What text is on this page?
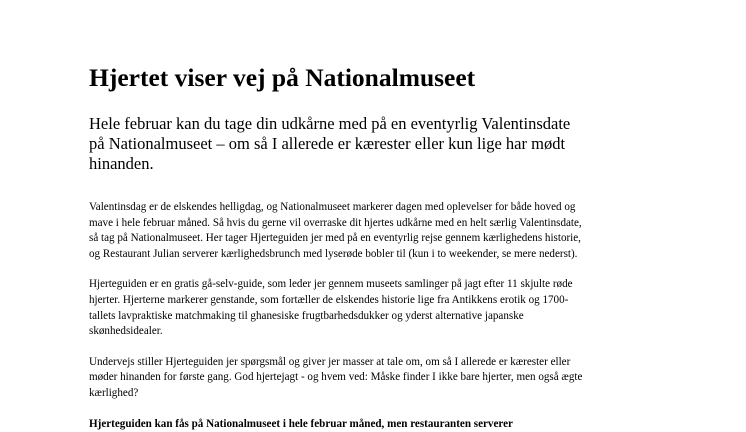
Hjertet viser vej på Nationalmuseet

Hele februar kan du tage din udkårne med på en eventyrlig Valentinsdate på Nationalmuseet – om så I allerede er kærester eller kun lige har mødt hinanden.

Valentinsdag er de elskendes helligdag, og Nationalmuseet markerer dagen med oplevelser for både hoved og mave i hele februar måned. Så hvis du gerne vil overraske dit hjertes udkårne med en helt særlig Valentinsdate, så tag på Nationalmuseet. Her tager Hjerteguiden jer med på en eventyrlig rejse gennem kærlighedens historie, og Restaurant Julian serverer kærlighedsbrunch med lyserøde bobler til (kun i to weekender, se mere nederst).

Hjerteguiden er en gratis gå-selv-guide, som leder jer gennem museets samlinger på jagt efter 11 skjulte røde hjerter. Hjerterne markerer genstande, som fortæller de elskendes historie lige fra Antikkens erotik og 1700-tallets lavpraktiske matchmaking til ghanesiske frugtbarhedsdukker og yderst alternative japanske skønhedsidealer.

Undervejs stiller Hjerteguiden jer spørgsmål og giver jer masser at tale om, om så I allerede er kærester eller møder hinanden for første gang. God hjertejagt - og hvem ved: Måske finder I ikke bare hjerter, men også ægte kærlighed?

Hjerteguiden kan fås på Nationalmuseet i hele februar måned, men restauranten serverer
